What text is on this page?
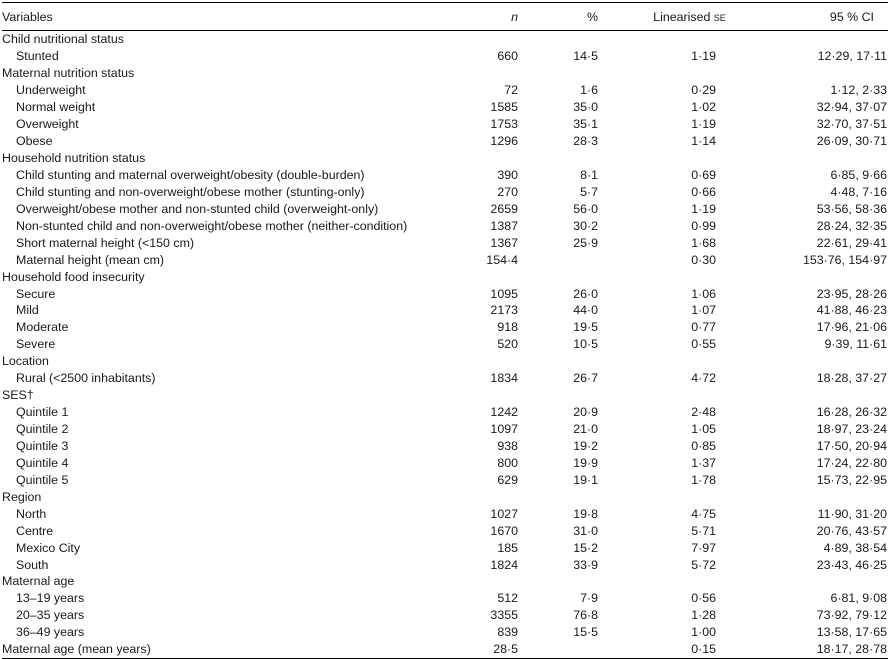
Variables	n	%	Linearised se	95 % CI
Child nutritional status				
Stunted	660	14·5	1·19	12·29, 17·11
Maternal nutrition status				
Underweight	72	1·6	0·29	1·12, 2·33
Normal weight	1585	35·0	1·02	32·94, 37·07
Overweight	1753	35·1	1·19	32·70, 37·51
Obese	1296	28·3	1·14	26·09, 30·71
Household nutrition status				
Child stunting and maternal overweight/obesity (double-burden)	390	8·1	0·69	6·85, 9·66
Child stunting and non-overweight/obese mother (stunting-only)	270	5·7	0·66	4·48, 7·16
Overweight/obese mother and non-stunted child (overweight-only)	2659	56·0	1·19	53·56, 58·36
Non-stunted child and non-overweight/obese mother (neither-condition)	1387	30·2	0·99	28·24, 32·35
Short maternal height (<150 cm)	1367	25·9	1·68	22·61, 29·41
Maternal height (mean cm)	154·4		0·30	153·76, 154·97
Household food insecurity				
Secure	1095	26·0	1·06	23·95, 28·26
Mild	2173	44·0	1·07	41·88, 46·23
Moderate	918	19·5	0·77	17·96, 21·06
Severe	520	10·5	0·55	9·39, 11·61
Location				
Rural (<2500 inhabitants)	1834	26·7	4·72	18·28, 37·27
SES†				
Quintile 1	1242	20·9	2·48	16·28, 26·32
Quintile 2	1097	21·0	1·05	18·97, 23·24
Quintile 3	938	19·2	0·85	17·50, 20·94
Quintile 4	800	19·9	1·37	17·24, 22·80
Quintile 5	629	19·1	1·78	15·73, 22·95
Region				
North	1027	19·8	4·75	11·90, 31·20
Centre	1670	31·0	5·71	20·76, 43·57
Mexico City	185	15·2	7·97	4·89, 38·54
South	1824	33·9	5·72	23·43, 46·25
Maternal age				
13–19 years	512	7·9	0·56	6·81, 9·08
20–35 years	3355	76·8	1·28	73·92, 79·12
36–49 years	839	15·5	1·00	13·58, 17·65
Maternal age (mean years)	28·5		0·15	18·17, 28·78
